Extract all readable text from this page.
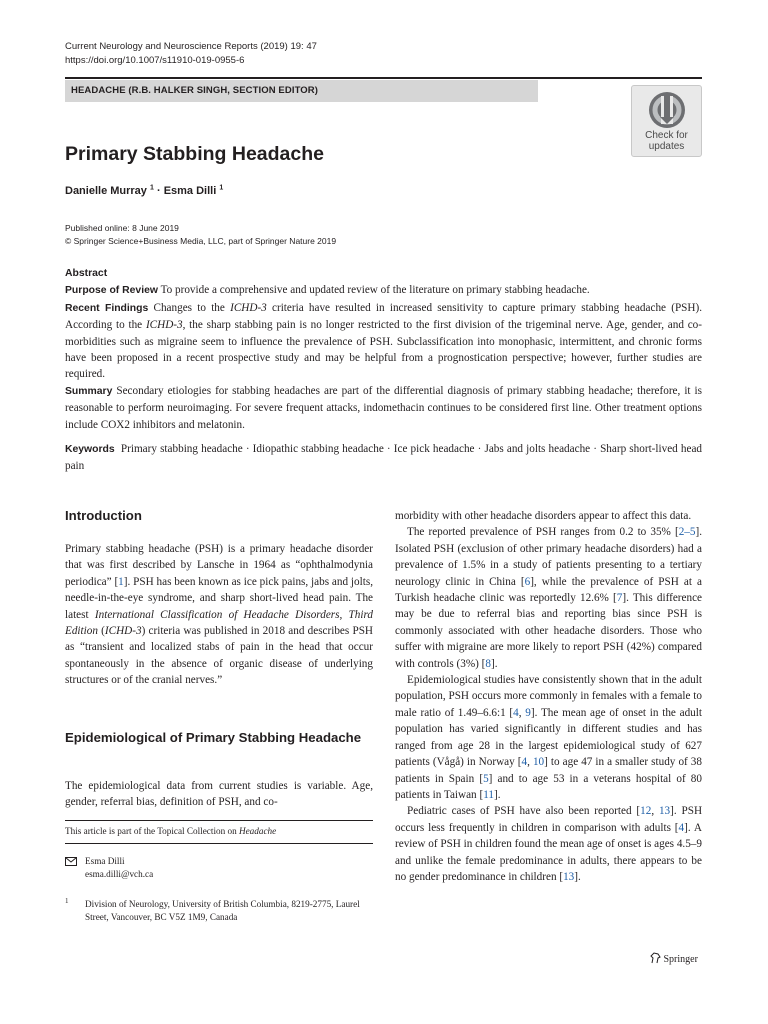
Current Neurology and Neuroscience Reports (2019) 19: 47
https://doi.org/10.1007/s11910-019-0955-6
HEADACHE (R.B. HALKER SINGH, SECTION EDITOR)
Check for
updates
Primary Stabbing Headache
Danielle Murray $^1$ · Esma Dilli $^1$
Published online: 8 June 2019
© Springer Science+Business Media, LLC, part of Springer Nature 2019

Abstract

Purpose of Review To provide a comprehensive and updated review of the literature on primary stabbing headache.

Recent Findings Changes to the ICHD-3 criteria have resulted in increased sensitivity to capture primary stabbing headache (PSH). According to the ICHD-3, the sharp stabbing pain is no longer restricted to the first division of the trigeminal nerve. Age, gender, and co-morbidities such as migraine seem to influence the prevalence of PSH. Subclassification into monophasic, intermittent, and chronic forms have been proposed in a recent prospective study and may be helpful from a prognostication perspective; however, further studies are required.

Summary Secondary etiologies for stabbing headaches are part of the differential diagnosis of primary stabbing headache; therefore, it is reasonable to perform neuroimaging. For severe frequent attacks, indomethacin continues to be considered first line. Other treatment options include COX2 inhibitors and melatonin.

Keywords Primary stabbing headache · Idiopathic stabbing headache · Ice pick headache · Jabs and jolts headache · Sharp short-lived head pain
Introduction

Primary stabbing headache (PSH) is a primary headache disorder that was first described by Lansche in 1964 as “ophthalmodynia periodica” [1]. PSH has been known as ice pick pains, jabs and jolts, needle-in-the-eye syndrome, and sharp short-lived head pain. The latest International Classification of Headache Disorders, Third Edition (ICHD-3) criteria was published in 2018 and describes PSH as “transient and localized stabs of pain in the head that occur spontaneously in the absence of organic disease of underlying structures or of the cranial nerves.”

Epidemiological of Primary Stabbing Headache
The epidemiological data from current studies is variable. Age, gender, referral bias, definition of PSH, and co-
This article is part of the Topical Collection on Headache
Esma Dilli
esma.dilli@vch.ca
1 Division of Neurology, University of British Columbia, 8219-2775, Laurel Street, Vancouver, BC V5Z 1M9, Canada

morbidity with other headache disorders appear to affect this data.

The reported prevalence of PSH ranges from 0.2 to 35% [2–5]. Isolated PSH (exclusion of other primary headache disorders) had a prevalence of 1.5% in a study of patients presenting to a tertiary neurology clinic in China [6], while the prevalence of PSH at a Turkish headache clinic was reportedly 12.6% [7]. This difference may be due to referral bias and reporting bias since PSH is commonly associated with other headache disorders. Those who suffer with migraine are more likely to report PSH (42%) compared with controls (3%) [8].

Epidemiological studies have consistently shown that in the adult population, PSH occurs more commonly in females with a female to male ratio of 1.49–6.6:1 [4, 9]. The mean age of onset in the adult population has varied significantly in different studies and has ranged from age 28 in the largest epidemiological study of 627 patients (Vågå) in Norway [4, 10] to age 47 in a smaller study of 38 patients in Spain [5] and to age 53 in a veterans hospital of 80 patients in Taiwan [11].

Pediatric cases of PSH have also been reported [12, 13]. PSH occurs less frequently in children in comparison with adults [4]. A review of PSH in children found the mean age of onset is ages 4.5–9 and unlike the female predominance in adults, there appears to be no gender predominance in children [13].

Springer
